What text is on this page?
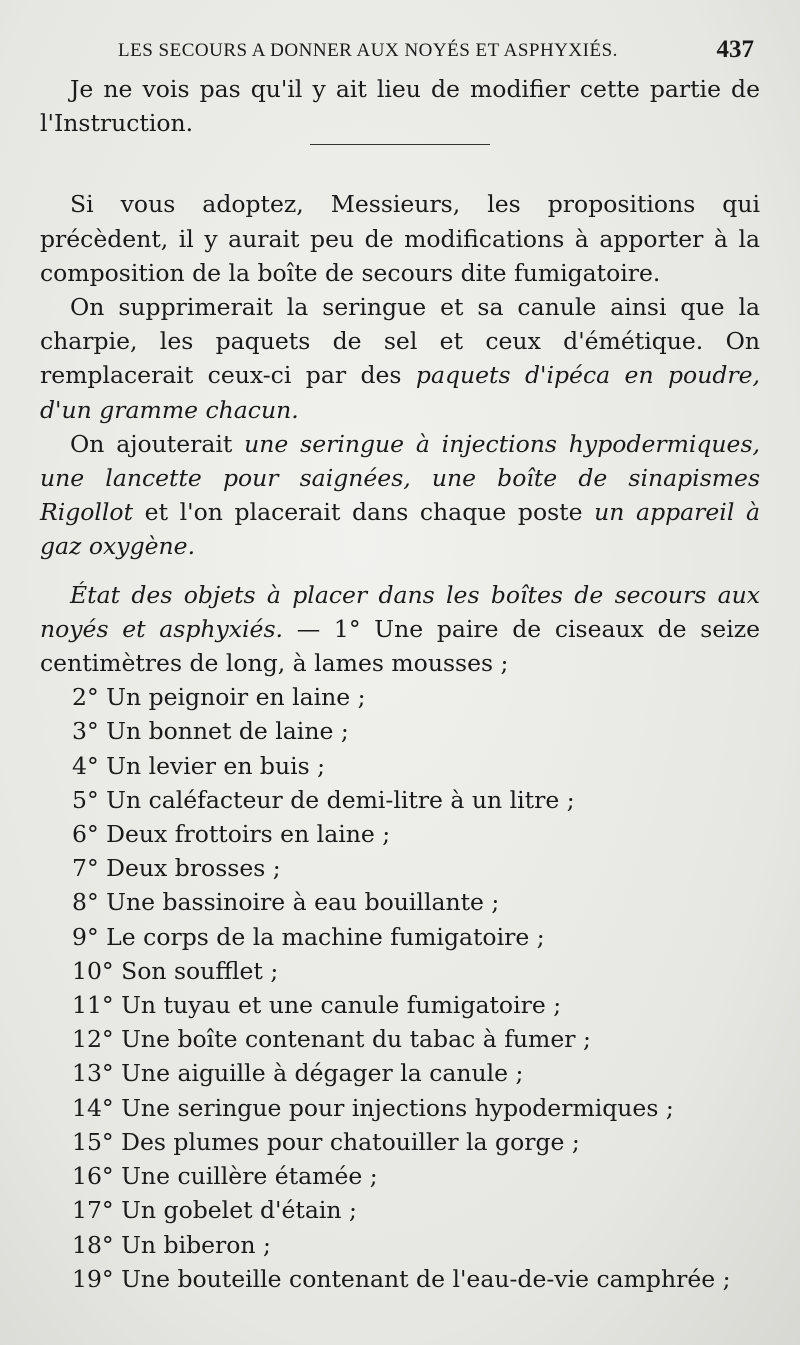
LES SECOURS A DONNER AUX NOYÉS ET ASPHYXIÉS.	437

Je ne vois pas qu'il y ait lieu de modifier cette partie de l'Instruction.

Si vous adoptez, Messieurs, les propositions qui précèdent, il y aurait peu de modifications à apporter à la composition de la boîte de secours dite fumigatoire.

On supprimerait la seringue et sa canule ainsi que la charpie, les paquets de sel et ceux d'émétique. On remplacerait ceux-ci par des paquets d'ipéca en poudre, d'un gramme chacun.

On ajouterait une seringue à injections hypodermiques, une lancette pour saignées, une boîte de sinapismes Rigollot et l'on placerait dans chaque poste un appareil à gaz oxygène.

État des objets à placer dans les boîtes de secours aux noyés et asphyxiés. — 1° Une paire de ciseaux de seize centimètres de long, à lames mousses ;

2° Un peignoir en laine ;
3° Un bonnet de laine ;
4° Un levier en buis ;
5° Un caléfacteur de demi-litre à un litre ;
6° Deux frottoirs en laine ;
7° Deux brosses ;
8° Une bassinoire à eau bouillante ;
9° Le corps de la machine fumigatoire ;
10° Son soufflet ;
11° Un tuyau et une canule fumigatoire ;
12° Une boîte contenant du tabac à fumer ;
13° Une aiguille à dégager la canule ;
14° Une seringue pour injections hypodermiques ;
15° Des plumes pour chatouiller la gorge ;
16° Une cuillère étamée ;
17° Un gobelet d'étain ;
18° Un biberon ;
19° Une bouteille contenant de l'eau-de-vie camphrée ;
